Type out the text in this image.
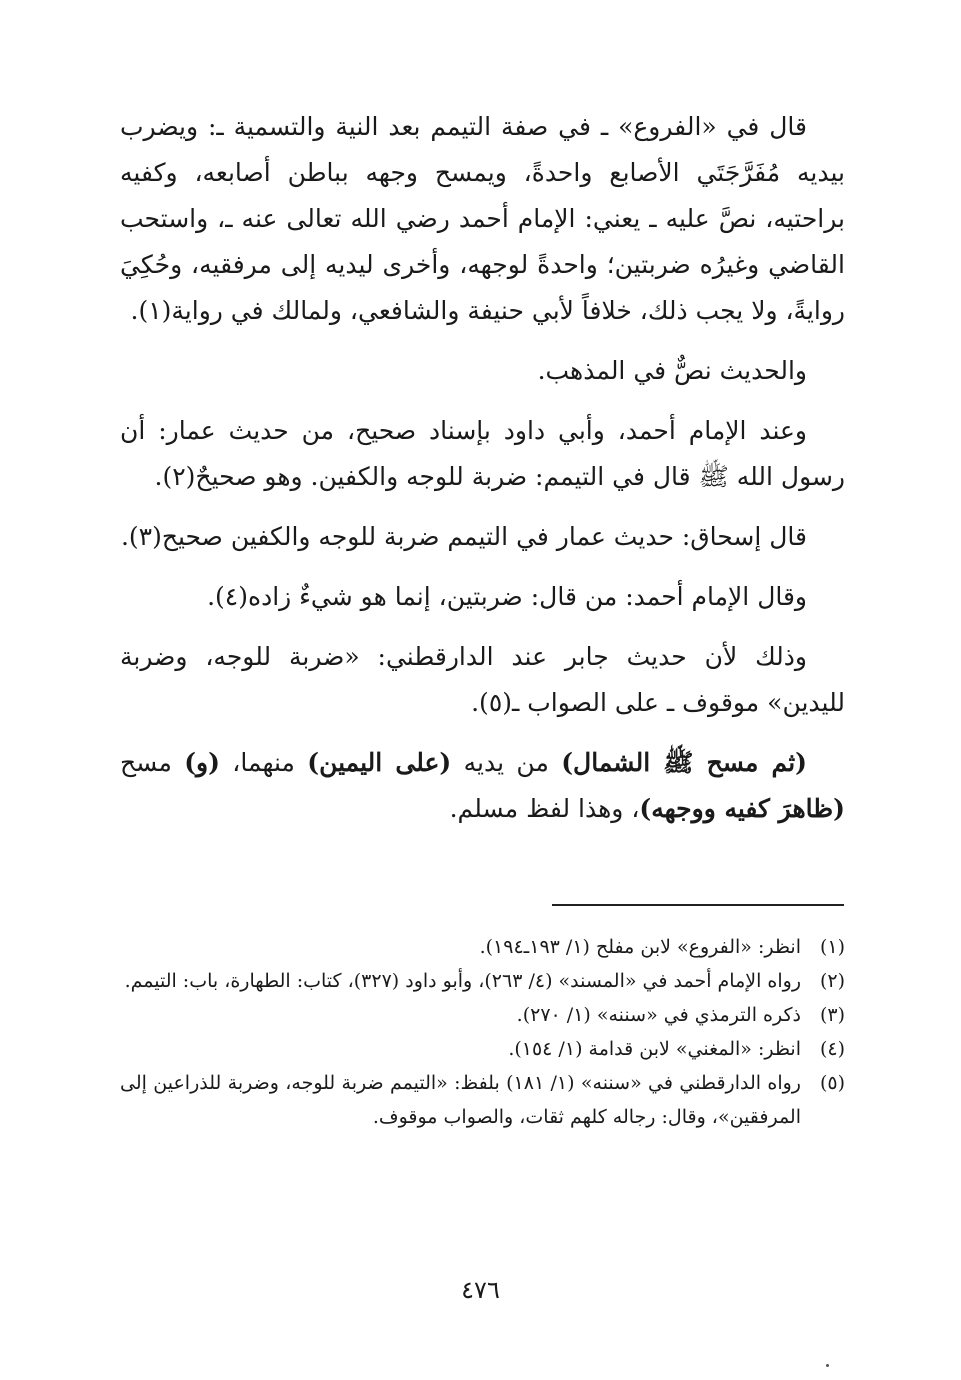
قال في «الفروع» ـ في صفة التيمم بعد النية والتسمية ـ: ويضرب بيديه مُفَرَّجَتَي الأصابع واحدةً، ويمسح وجهه بباطن أصابعه، وكفيه براحتيه، نصَّ عليه ـ يعني: الإمام أحمد رضي الله تعالى عنه ـ، واستحب القاضي وغيرُه ضربتين؛ واحدةً لوجهه، وأخرى ليديه إلى مرفقيه، وحُكِيَ روايةً، ولا يجب ذلك، خلافاً لأبي حنيفة والشافعي، ولمالك في رواية(١).

والحديث نصٌّ في المذهب.

وعند الإمام أحمد، وأبي داود بإسناد صحيح، من حديث عمار: أن رسول الله ﷺ قال في التيمم: ضربة للوجه والكفين. وهو صحيحٌ(٢).

قال إسحاق: حديث عمار في التيمم ضربة للوجه والكفين صحيح(٣).

وقال الإمام أحمد: من قال: ضربتين، إنما هو شيءٌ زاده(٤).

وذلك لأن حديث جابر عند الدارقطني: «ضربة للوجه، وضربة لليدين» موقوف ـ على الصواب ـ(٥).

(ثم مسح ﷺ الشمال) من يديه (على اليمين) منهما، (و) مسح (ظاهرَ كفيه ووجهه)، وهذا لفظ مسلم.

(١)
انظر: «الفروع» لابن مفلح (١/ ١٩٣ـ١٩٤).
(٢)
رواه الإمام أحمد في «المسند» (٤/ ٢٦٣)، وأبو داود (٣٢٧)، كتاب: الطهارة، باب: التيمم.
(٣)
ذكره الترمذي في «سننه» (١/ ٢٧٠).
(٤)
انظر: «المغني» لابن قدامة (١/ ١٥٤).
(٥)
رواه الدارقطني في «سننه» (١/ ١٨١) بلفظ: «التيمم ضربة للوجه، وضربة للذراعين إلى المرفقين»، وقال: رجاله كلهم ثقات، والصواب موقوف.
٤٧٦
